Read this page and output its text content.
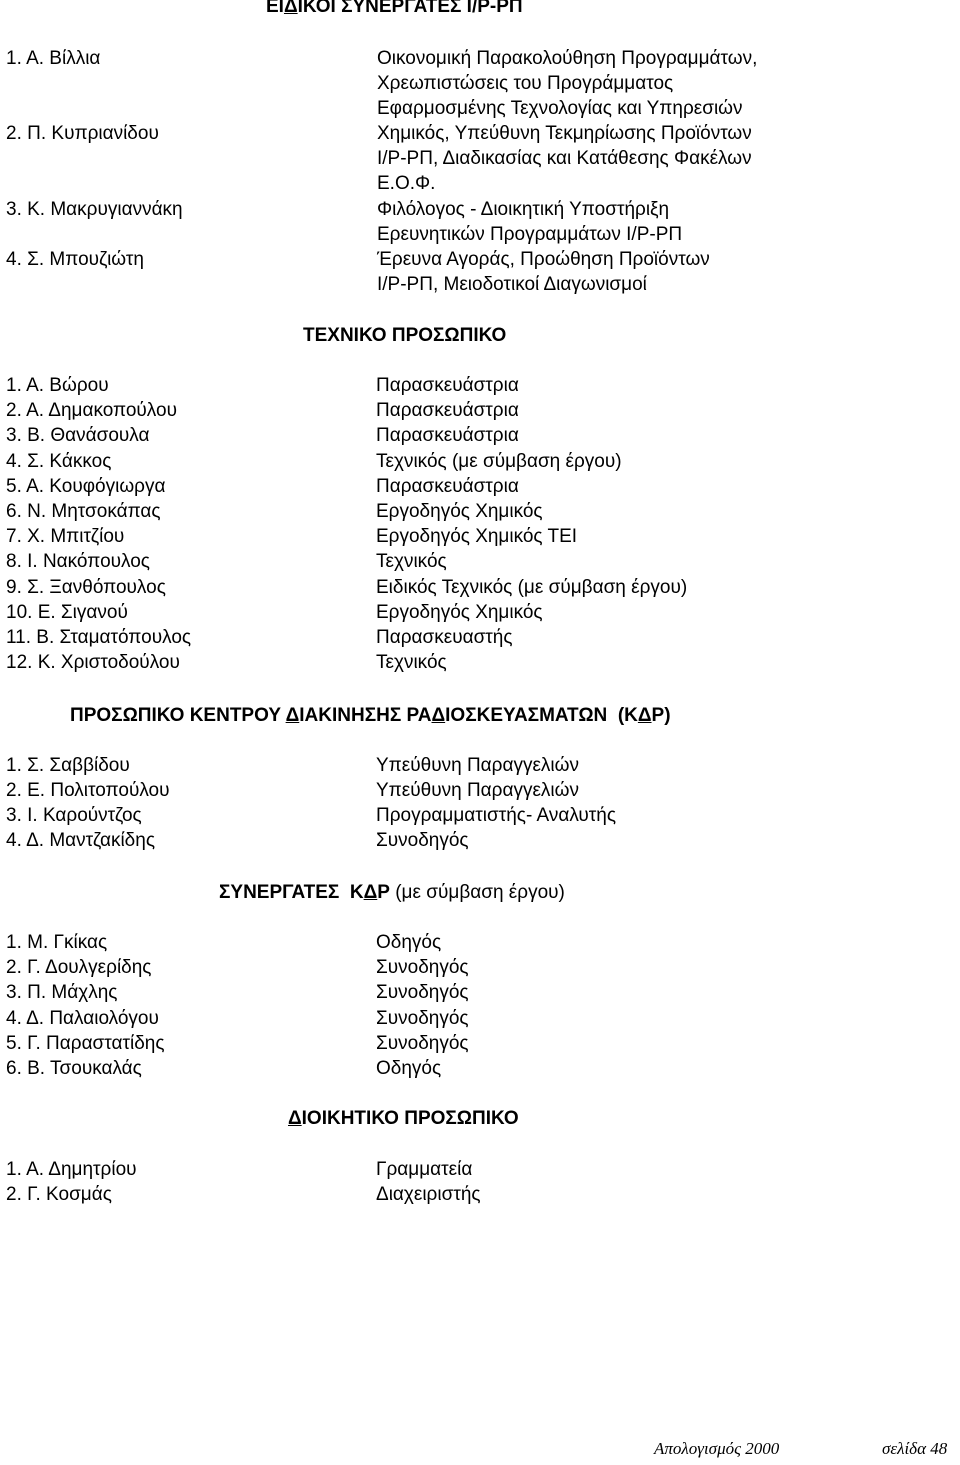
ΕΙΔΙΚΟΙ ΣΥΝΕΡΓΑΤΕΣ Ι/Ρ-ΡΠ
1. Α. Βίλλια	Οικονομική Παρακολούθηση Προγραμμάτων,
Χρεωπιστώσεις του Προγράμματος
Εφαρμοσμένης Τεχνολογίας και Υπηρεσιών
2. Π. Κυπριανίδου	Χημικός, Υπεύθυνη Τεκμηρίωσης Προϊόντων
Ι/Ρ-ΡΠ, Διαδικασίας και Κατάθεσης Φακέλων
Ε.Ο.Φ.
3. Κ. Μακρυγιαννάκη	Φιλόλογος - Διοικητική Υποστήριξη
Ερευνητικών Προγραμμάτων Ι/Ρ-ΡΠ
4. Σ. Μπουζιώτη	Έρευνα Αγοράς, Προώθηση Προϊόντων
Ι/Ρ-ΡΠ, Μειοδοτικοί Διαγωνισμοί
ΤΕΧΝΙΚΟ ΠΡΟΣΩΠΙΚΟ
1. Α. Βώρου	Παρασκευάστρια
2. Α. Δημακοπούλου	Παρασκευάστρια
3. Β. Θανάσουλα	Παρασκευάστρια
4. Σ. Κάκκος	Τεχνικός (με σύμβαση έργου)
5. Α. Κουφόγιωργα	Παρασκευάστρια
6. Ν. Μητσοκάπας	Εργοδηγός Χημικός
7. Χ. Μπιτζίου	Εργοδηγός Χημικός ΤΕΙ
8. Ι. Νακόπουλος	Τεχνικός
9. Σ. Ξανθόπουλος	Ειδικός Τεχνικός (με σύμβαση έργου)
10. Ε. Σιγανού	Εργοδηγός Χημικός
11. Β. Σταματόπουλος	Παρασκευαστής
12. Κ. Χριστοδούλου	Τεχνικός
ΠΡΟΣΩΠΙΚΟ ΚΕΝΤΡΟΥ ΔΙΑΚΙΝΗΣΗΣ ΡΑΔΙΟΣΚΕΥΑΣΜΑΤΩΝ  (ΚΔΡ)
1. Σ. Σαββίδου	Υπεύθυνη Παραγγελιών
2. Ε. Πολιτοπούλου	Υπεύθυνη Παραγγελιών
3. Ι. Καρούντζος	Προγραμματιστής- Αναλυτής
4. Δ. Μαντζακίδης	Συνοδηγός
ΣΥΝΕΡΓΑΤΕΣ  ΚΔΡ (με σύμβαση έργου)
1. Μ. Γκίκας	Οδηγός
2. Γ. Δουλγερίδης	Συνοδηγός
3. Π. Μάχλης	Συνοδηγός
4. Δ. Παλαιολόγου	Συνοδηγός
5. Γ. Παραστατίδης	Συνοδηγός
6. Β. Τσουκαλάς	Οδηγός
ΔΙΟΙΚΗΤΙΚΟ ΠΡΟΣΩΠΙΚΟ
1. Α. Δημητρίου	Γραμματεία
2. Γ. Κοσμάς	Διαχειριστής
Απολογισμός 2000	σελίδα 48
